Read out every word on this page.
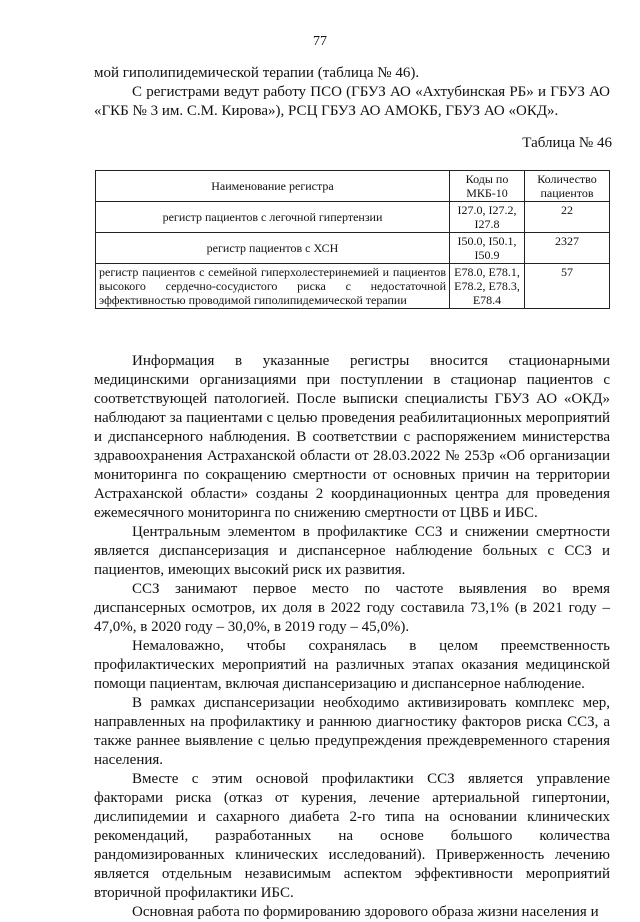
77

мой гиполипидемической терапии (таблица № 46).

С регистрами ведут работу ПСО (ГБУЗ АО «Ахтубинская РБ» и ГБУЗ АО «ГКБ № 3 им. С.М. Кирова»), РСЦ ГБУЗ АО АМОКБ, ГБУЗ АО «ОКД».

Таблица № 46
Наименование регистра	Коды по МКБ-10	Количество пациентов
регистр пациентов с легочной гипертензии	I27.0, I27.2, I27.8	22
регистр пациентов с ХСН	I50.0, I50.1, I50.9	2327
регистр пациентов с семейной гиперхолестеринемией и пациентов высокого сердечно-сосудистого риска с недостаточной эффективностью проводимой гиполипидемической терапии	E78.0, E78.1, E78.2, E78.3, E78.4	57

Информация в указанные регистры вносится стационарными медицинскими организациями при поступлении в стационар пациентов с соответствующей патологией. После выписки специалисты ГБУЗ АО «ОКД» наблюдают за пациентами с целью проведения реабилитационных мероприятий и диспансерного наблюдения. В соответствии с распоряжением министерства здравоохранения Астраханской области от 28.03.2022 № 253р «Об организации мониторинга по сокращению смертности от основных причин на территории Астраханской области» созданы 2 координационных центра для проведения ежемесячного мониторинга по снижению смертности от ЦВБ и ИБС.

Центральным элементом в профилактике ССЗ и снижении смертности является диспансеризация и диспансерное наблюдение больных с ССЗ и пациентов, имеющих высокий риск их развития.

ССЗ занимают первое место по частоте выявления во время диспансерных осмотров, их доля в 2022 году составила 73,1% (в 2021 году – 47,0%, в 2020 году – 30,0%, в 2019 году – 45,0%).

Немаловажно, чтобы сохранялась в целом преемственность профилактических мероприятий на различных этапах оказания медицинской помощи пациентам, включая диспансеризацию и диспансерное наблюдение.

В рамках диспансеризации необходимо активизировать комплекс мер, направленных на профилактику и раннюю диагностику факторов риска ССЗ, а также раннее выявление с целью предупреждения преждевременного старения населения.

Вместе с этим основой профилактики ССЗ является управление факторами риска (отказ от курения, лечение артериальной гипертонии, дислипидемии и сахарного диабета 2-го типа на основании клинических рекомендаций, разработанных на основе большого количества рандомизированных клинических исследований). Приверженность лечению является отдельным независимым аспектом эффективности мероприятий вторичной профилактики ИБС.

Основная работа по формированию здорового образа жизни населения и
